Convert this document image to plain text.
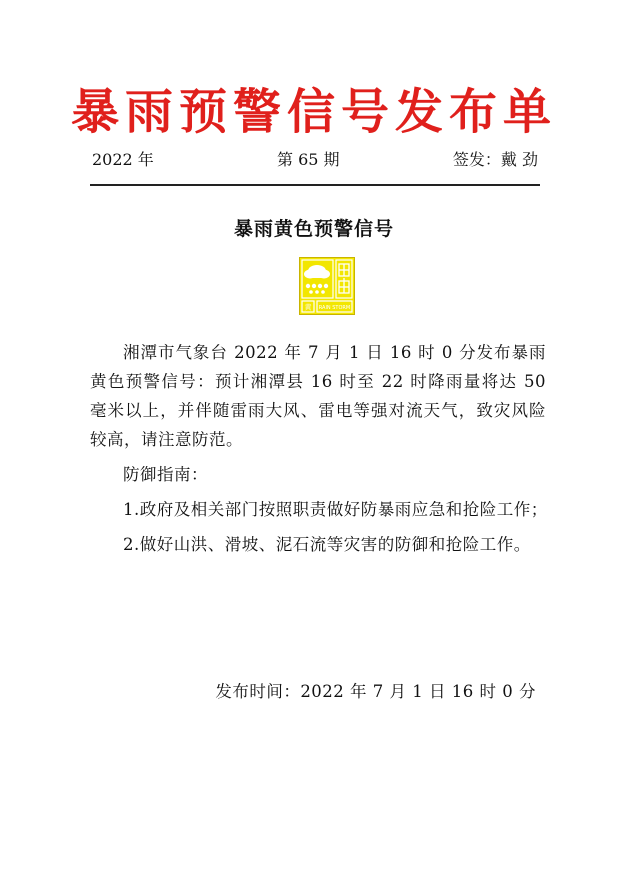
暴雨预警信号发布单
2022 年	第 65 期	签发：戴 劲
暴雨黄色预警信号
黄 RAIN STORM

湘潭市气象台 2022 年 7 月 1 日 16 时 0 分发布暴雨黄色预警信号：预计湘潭县 16 时至 22 时降雨量将达 50 毫米以上，并伴随雷雨大风、雷电等强对流天气，致灾风险较高，请注意防范。

防御指南：

1.政府及相关部门按照职责做好防暴雨应急和抢险工作；

2.做好山洪、滑坡、泥石流等灾害的防御和抢险工作。

发布时间：2022 年 7 月 1 日 16 时 0 分
